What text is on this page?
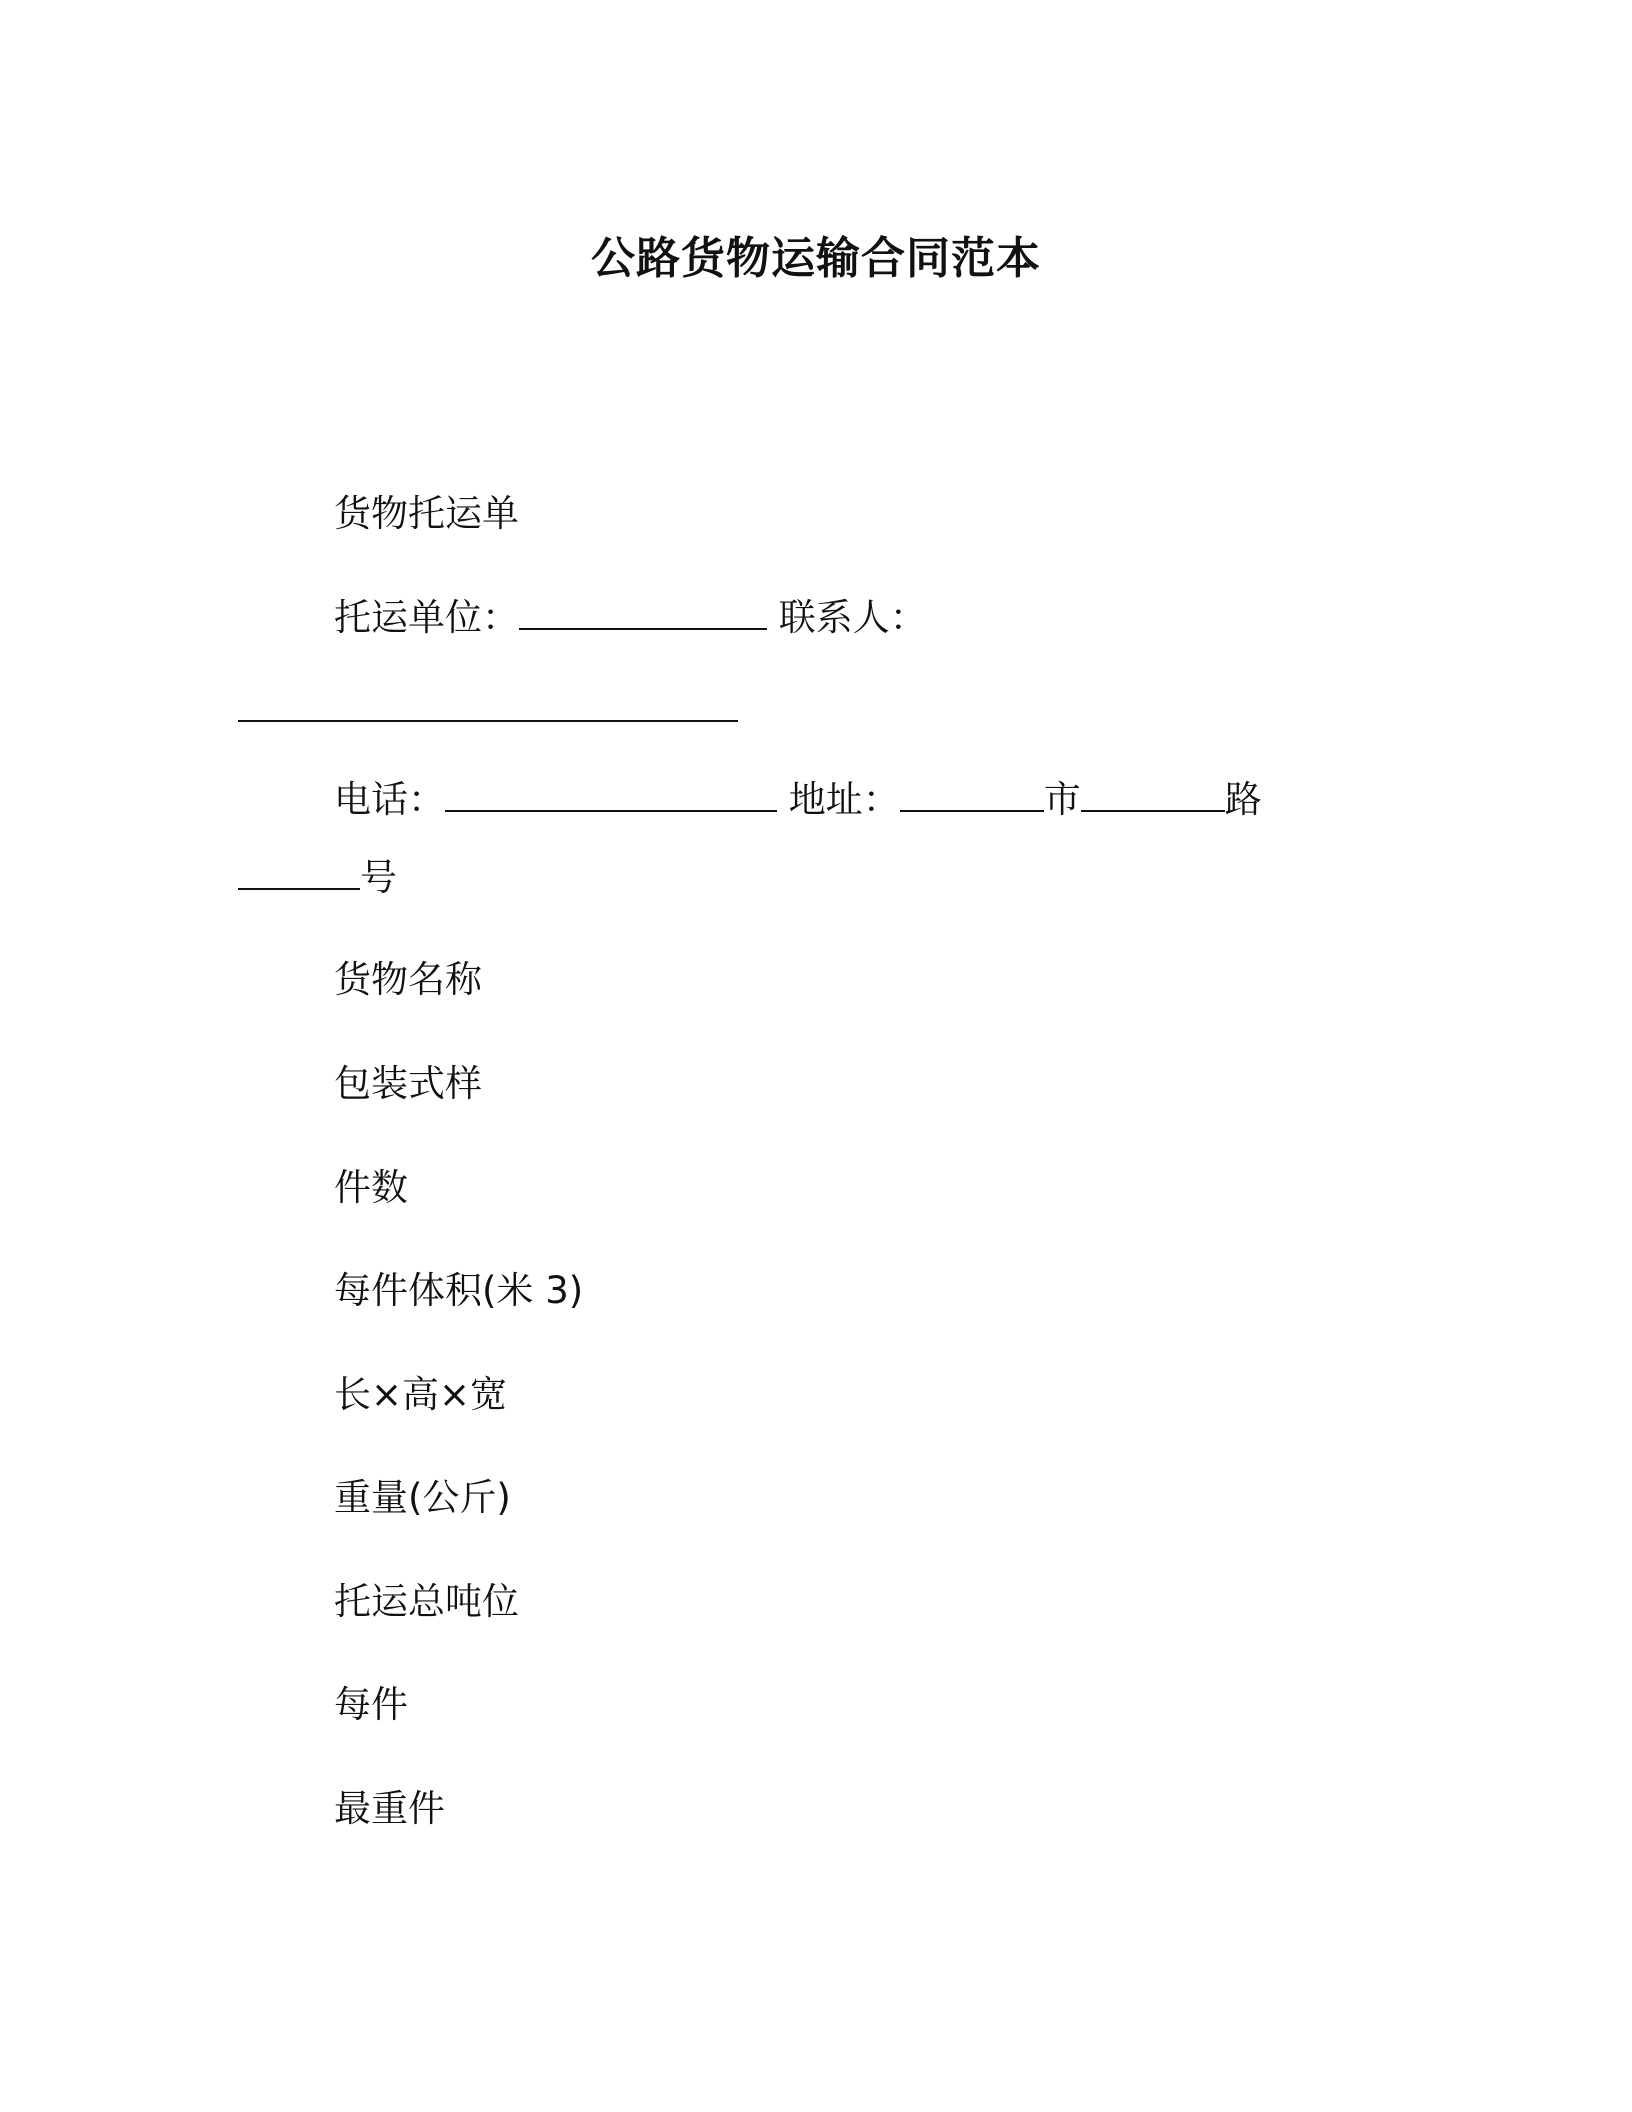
公路货物运输合同范本
货物托运单
托运单位：	联系人：
电话：	地址：	市	路
号
货物名称
包装式样
件数
每件体积(米 3)
长×高×宽
重量(公斤)
托运总吨位
每件
最重件
